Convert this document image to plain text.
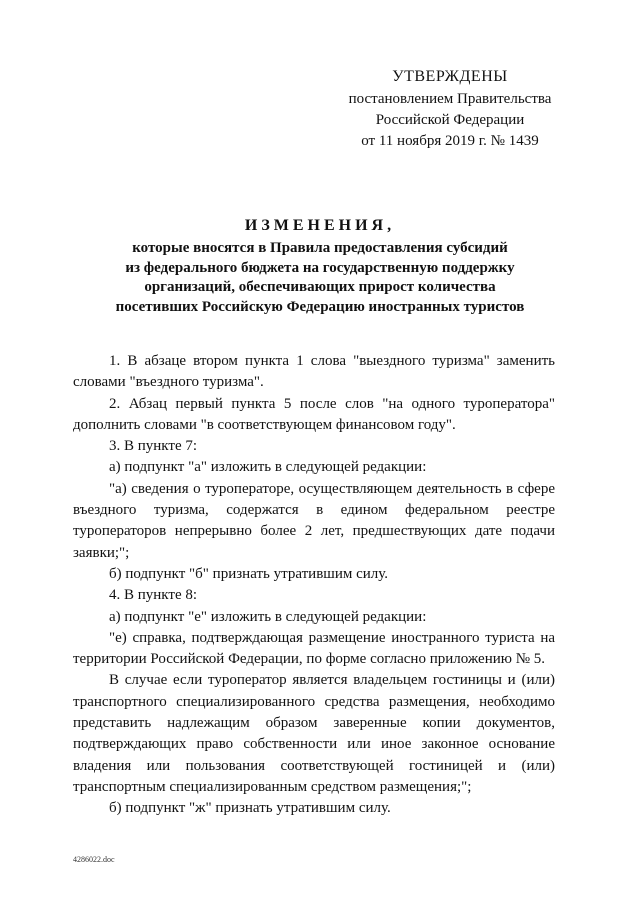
УТВЕРЖДЕНЫ
постановлением Правительства
Российской Федерации
от 11 ноября 2019 г. № 1439
ИЗМЕНЕНИЯ,
которые вносятся в Правила предоставления субсидий
из федерального бюджета на государственную поддержку
организаций, обеспечивающих прирост количества
посетивших Российскую Федерацию иностранных туристов

1. В абзаце втором пункта 1 слова "выездного туризма" заменить словами "въездного туризма".

2. Абзац первый пункта 5 после слов "на одного туроператора" дополнить словами "в соответствующем финансовом году".

3. В пункте 7:

а) подпункт "а" изложить в следующей редакции:

"а) сведения о туроператоре, осуществляющем деятельность в сфере въездного туризма, содержатся в едином федеральном реестре туроператоров непрерывно более 2 лет, предшествующих дате подачи заявки;";

б) подпункт "б" признать утратившим силу.

4. В пункте 8:

а) подпункт "е" изложить в следующей редакции:

"е) справка, подтверждающая размещение иностранного туриста на территории Российской Федерации, по форме согласно приложению № 5.

В случае если туроператор является владельцем гостиницы и (или) транспортного специализированного средства размещения, необходимо представить надлежащим образом заверенные копии документов, подтверждающих право собственности или иное законное основание владения или пользования соответствующей гостиницей и (или) транспортным специализированным средством размещения;";

б) подпункт "ж" признать утратившим силу.

4286022.doc
